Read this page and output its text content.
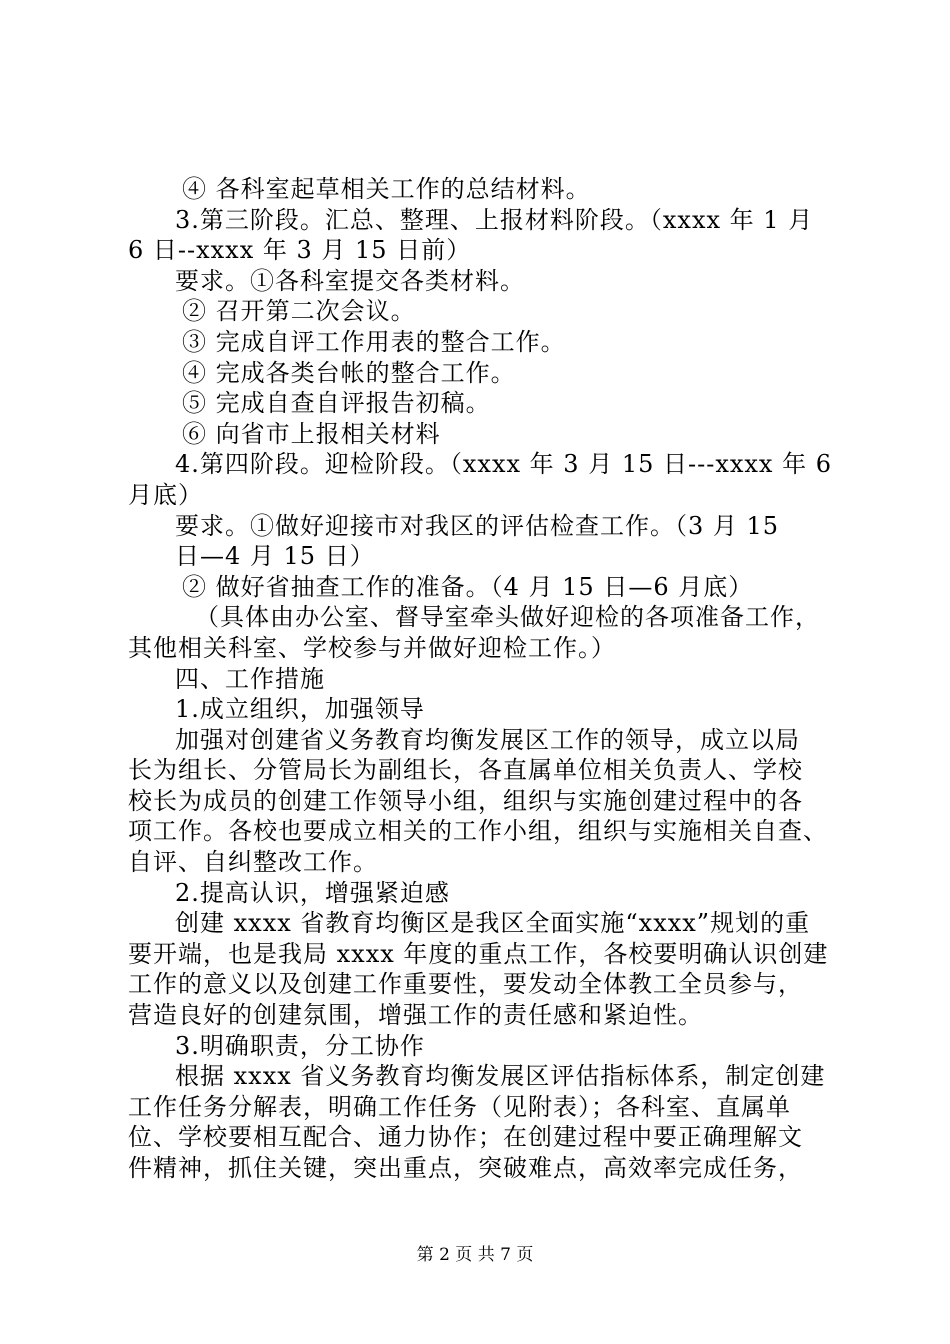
④ 各科室起草相关工作的总结材料。
3.第三阶段。汇总、整理、上报材料阶段。（xxxx 年 1 月
6 日--xxxx 年 3 月 15 日前）
要求。①各科室提交各类材料。
② 召开第二次会议。
③ 完成自评工作用表的整合工作。
④ 完成各类台帐的整合工作。
⑤ 完成自查自评报告初稿。
⑥ 向省市上报相关材料
4.第四阶段。迎检阶段。（xxxx 年 3 月 15 日---xxxx 年 6
月底）
要求。①做好迎接市对我区的评估检查工作。（3 月 15
日—4 月 15 日）
② 做好省抽查工作的准备。（4 月 15 日—6 月底）
（具体由办公室、督导室牵头做好迎检的各项准备工作，
其他相关科室、学校参与并做好迎检工作。）
四、工作措施
1.成立组织，加强领导
加强对创建省义务教育均衡发展区工作的领导，成立以局
长为组长、分管局长为副组长，各直属单位相关负责人、学校
校长为成员的创建工作领导小组，组织与实施创建过程中的各
项工作。各校也要成立相关的工作小组，组织与实施相关自查、
自评、自纠整改工作。
2.提高认识，增强紧迫感
创建 xxxx 省教育均衡区是我区全面实施“xxxx”规划的重
要开端，也是我局 xxxx 年度的重点工作，各校要明确认识创建
工作的意义以及创建工作重要性，要发动全体教工全员参与，
营造良好的创建氛围，增强工作的责任感和紧迫性。
3.明确职责，分工协作
根据 xxxx 省义务教育均衡发展区评估指标体系，制定创建
工作任务分解表，明确工作任务（见附表）；各科室、直属单
位、学校要相互配合、通力协作；在创建过程中要正确理解文
件精神，抓住关键，突出重点，突破难点，高效率完成任务，
第 2 页 共 7 页
